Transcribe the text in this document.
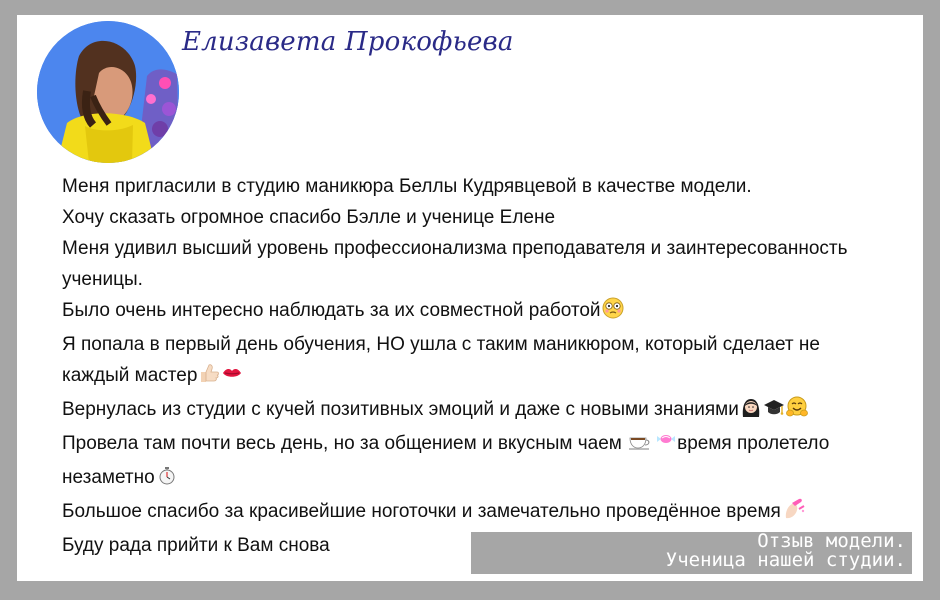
Елизавета Прокофьева
Меня пригласили в студию маникюра Беллы Кудрявцевой в качестве модели.
Хочу сказать огромное спасибо Бэлле и ученице Елене
Меня удивил высший уровень профессионализма преподавателя и заинтересованность
ученицы.
Было очень интересно наблюдать за их совместной работой
Я попала в первый день обучения, НО ушла с таким маникюром, который сделает не
каждый мастер
Вернулась из студии с кучей позитивных эмоций и даже с новыми знаниями
Провела там почти весь день, но за общением и вкусным чаем	время пролетело
незаметно
Большое спасибо за красивейшие ноготочки и замечательно проведённое время
Буду рада прийти к Вам снова	Отзыв модели.
Ученица нашей студии.
